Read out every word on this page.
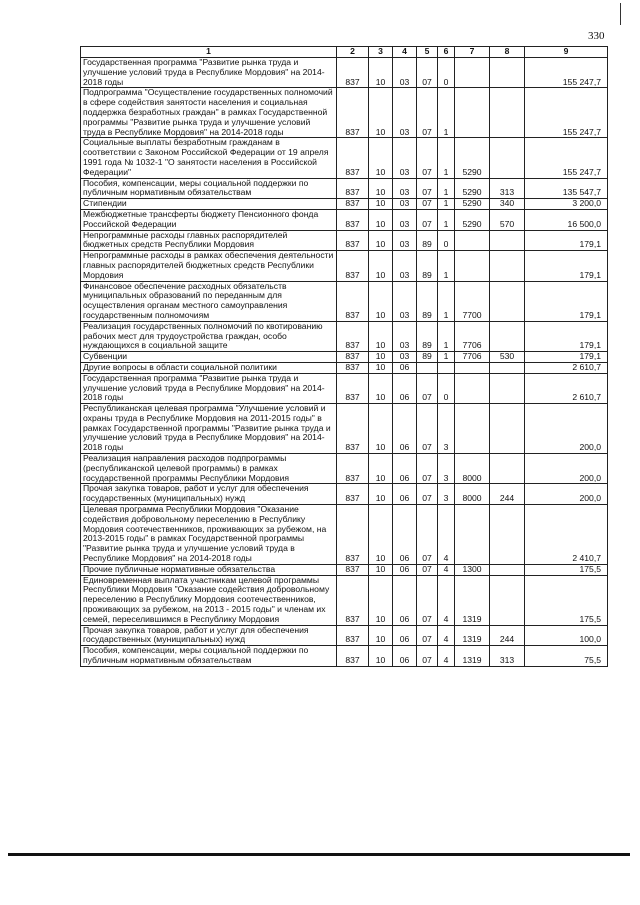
330
1	2	3	4	5	6	7	8	9
Государственная программа "Развитие рынка труда и улучшение условий труда в Республике Мордовия" на 2014-2018 годы	837	10	03	07	0			155 247,7
Подпрограмма "Осуществление государственных полномочий в сфере содействия занятости населения и социальная поддержка безработных граждан" в рамках Государственной программы "Развитие рынка труда и улучшение условий труда в Республике Мордовия" на 2014-2018 годы	837	10	03	07	1			155 247,7
Социальные выплаты безработным гражданам в соответствии с Законом Российской Федерации от 19 апреля 1991 года № 1032-1 "О занятости населения в Российской Федерации"	837	10	03	07	1	5290		155 247,7
Пособия, компенсации, меры социальной поддержки по публичным нормативным обязательствам	837	10	03	07	1	5290	313	135 547,7
Стипендии	837	10	03	07	1	5290	340	3 200,0
Межбюджетные трансферты бюджету Пенсионного фонда Российской Федерации	837	10	03	07	1	5290	570	16 500,0
Непрограммные расходы главных распорядителей бюджетных средств Республики Мордовия	837	10	03	89	0			179,1
Непрограммные расходы в рамках обеспечения деятельности главных распорядителей бюджетных средств Республики Мордовия	837	10	03	89	1			179,1
Финансовое обеспечение расходных обязательств муниципальных образований по переданным для осуществления органам местного самоуправления государственным полномочиям	837	10	03	89	1	7700		179,1
Реализация государственных полномочий по квотированию рабочих мест для трудоустройства граждан, особо нуждающихся в социальной защите	837	10	03	89	1	7706		179,1
Субвенции	837	10	03	89	1	7706	530	179,1
Другие вопросы в области социальной политики	837	10	06					2 610,7
Государственная программа "Развитие рынка труда и улучшение условий труда в Республике Мордовия" на 2014-2018 годы	837	10	06	07	0			2 610,7
Республиканская целевая программа "Улучшение условий и охраны труда в Республике Мордовия на 2011-2015 годы" в рамках Государственной программы "Развитие рынка труда и улучшение условий труда в Республике Мордовия" на 2014-2018 годы	837	10	06	07	3			200,0
Реализация направления расходов подпрограммы (республиканской целевой программы) в рамках государственной программы Республики Мордовия	837	10	06	07	3	8000		200,0
Прочая закупка товаров, работ и услуг для обеспечения государственных (муниципальных) нужд	837	10	06	07	3	8000	244	200,0
Целевая программа Республики Мордовия "Оказание содействия добровольному переселению в Республику Мордовия соотечественников, проживающих за рубежом, на 2013-2015 годы" в рамках Государственной программы "Развитие рынка труда и улучшение условий труда в Республике Мордовия" на 2014-2018 годы	837	10	06	07	4			2 410,7
Прочие публичные нормативные обязательства	837	10	06	07	4	1300		175,5
Единовременная выплата участникам целевой программы Республики Мордовия "Оказание содействия добровольному переселению в Республику Мордовия соотечественников, проживающих за рубежом, на 2013 - 2015 годы" и членам их семей, переселившимся в Республику Мордовия	837	10	06	07	4	1319		175,5
Прочая закупка товаров, работ и услуг для обеспечения государственных (муниципальных) нужд	837	10	06	07	4	1319	244	100,0
Пособия, компенсации, меры социальной поддержки по публичным нормативным обязательствам	837	10	06	07	4	1319	313	75,5
